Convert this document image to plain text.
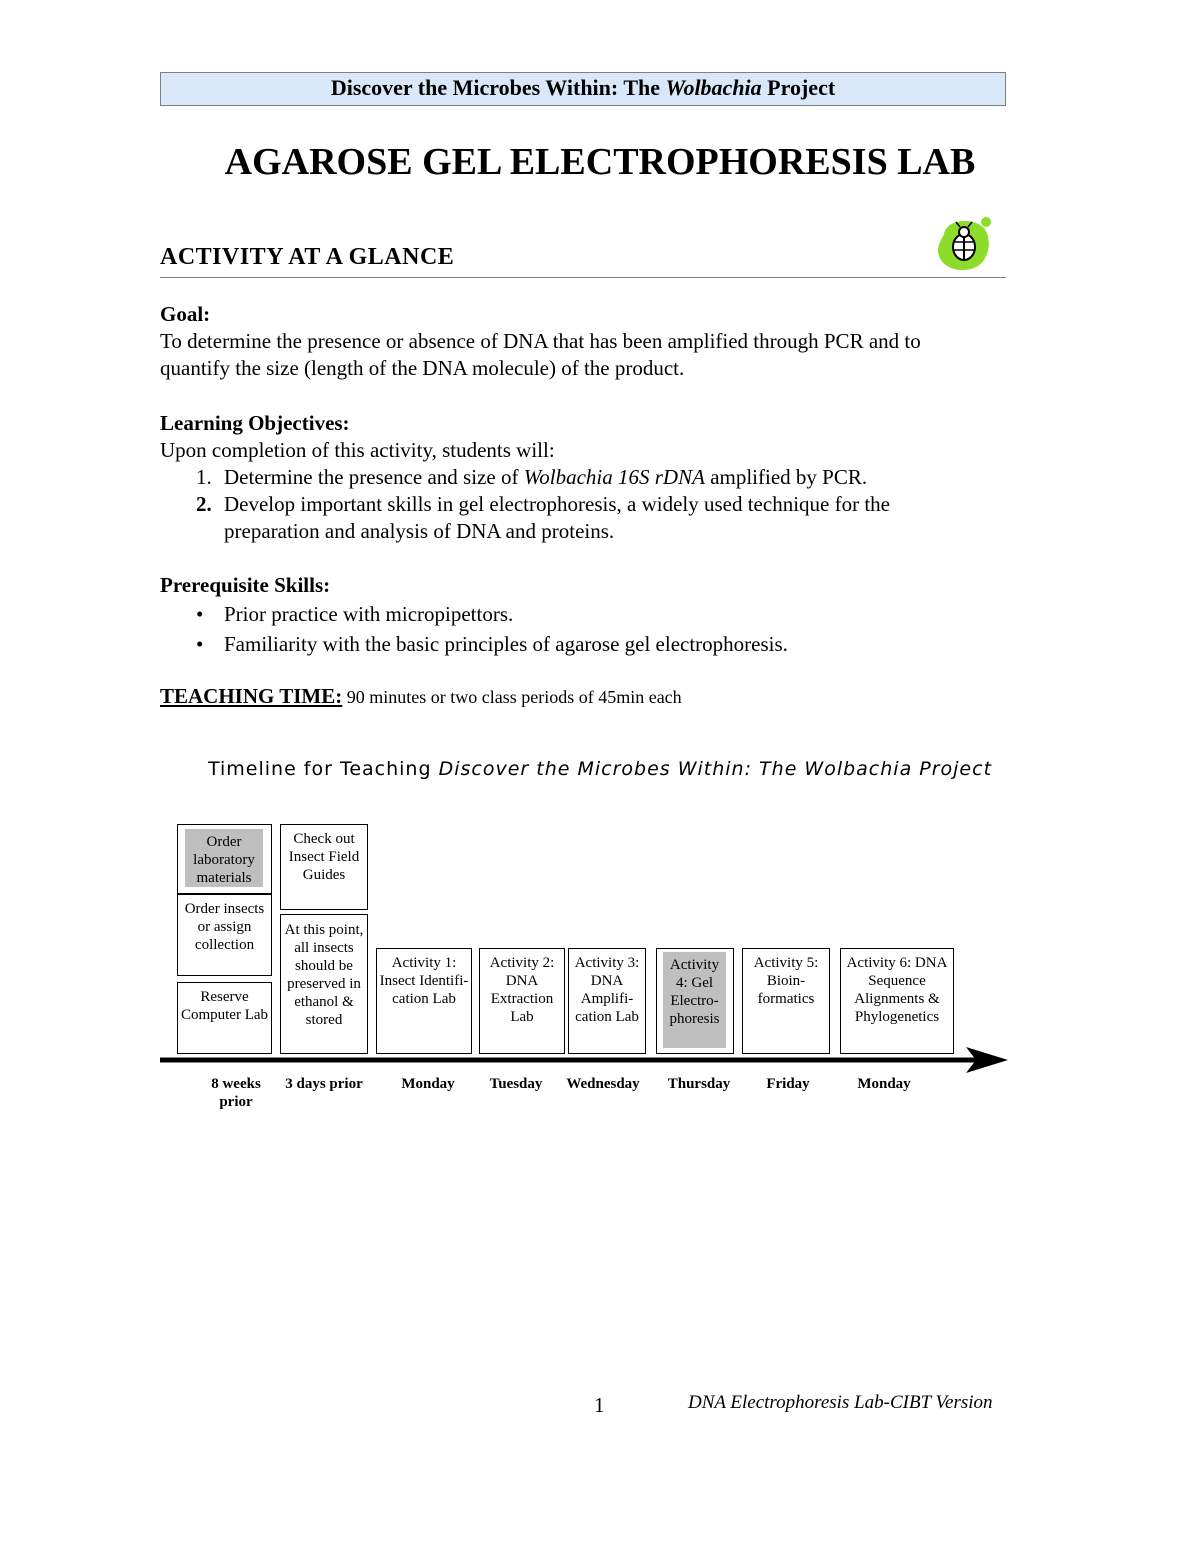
Discover the Microbes Within: The Wolbachia Project
AGAROSE GEL ELECTROPHORESIS LAB
ACTIVITY AT A GLANCE
Goal:
To determine the presence or absence of DNA that has been amplified through PCR and to
quantify the size (length of the DNA molecule) of the product.
Learning Objectives:
Upon completion of this activity, students will:
1. Determine the presence and size of Wolbachia 16S rDNA amplified by PCR.
2. Develop important skills in gel electrophoresis, a widely used technique for the
preparation and analysis of DNA and proteins.
Prerequisite Skills:
• Prior practice with micropipettors.
• Familiarity with the basic principles of agarose gel electrophoresis.
TEACHING TIME: 90 minutes or two class periods of 45min each
Timeline for Teaching Discover the Microbes Within: The Wolbachia Project
Order laboratory materials
Order insects or assign collection
Reserve Computer Lab
Check out Insect Field Guides
At this point, all insects should be preserved in ethanol & stored
Activity 1: Insect Identifi-cation Lab
Activity 2: DNA Extraction Lab
Activity 3: DNA Amplifi-cation Lab
Activity 4: Gel Electro-phoresis
Activity 5: Bioin-formatics
Activity 6: DNA Sequence Alignments & Phylogenetics
8 weeks prior
3 days prior	Monday	Tuesday	Wednesday	Thursday	Friday	Monday
1	DNA Electrophoresis Lab-CIBT Version
